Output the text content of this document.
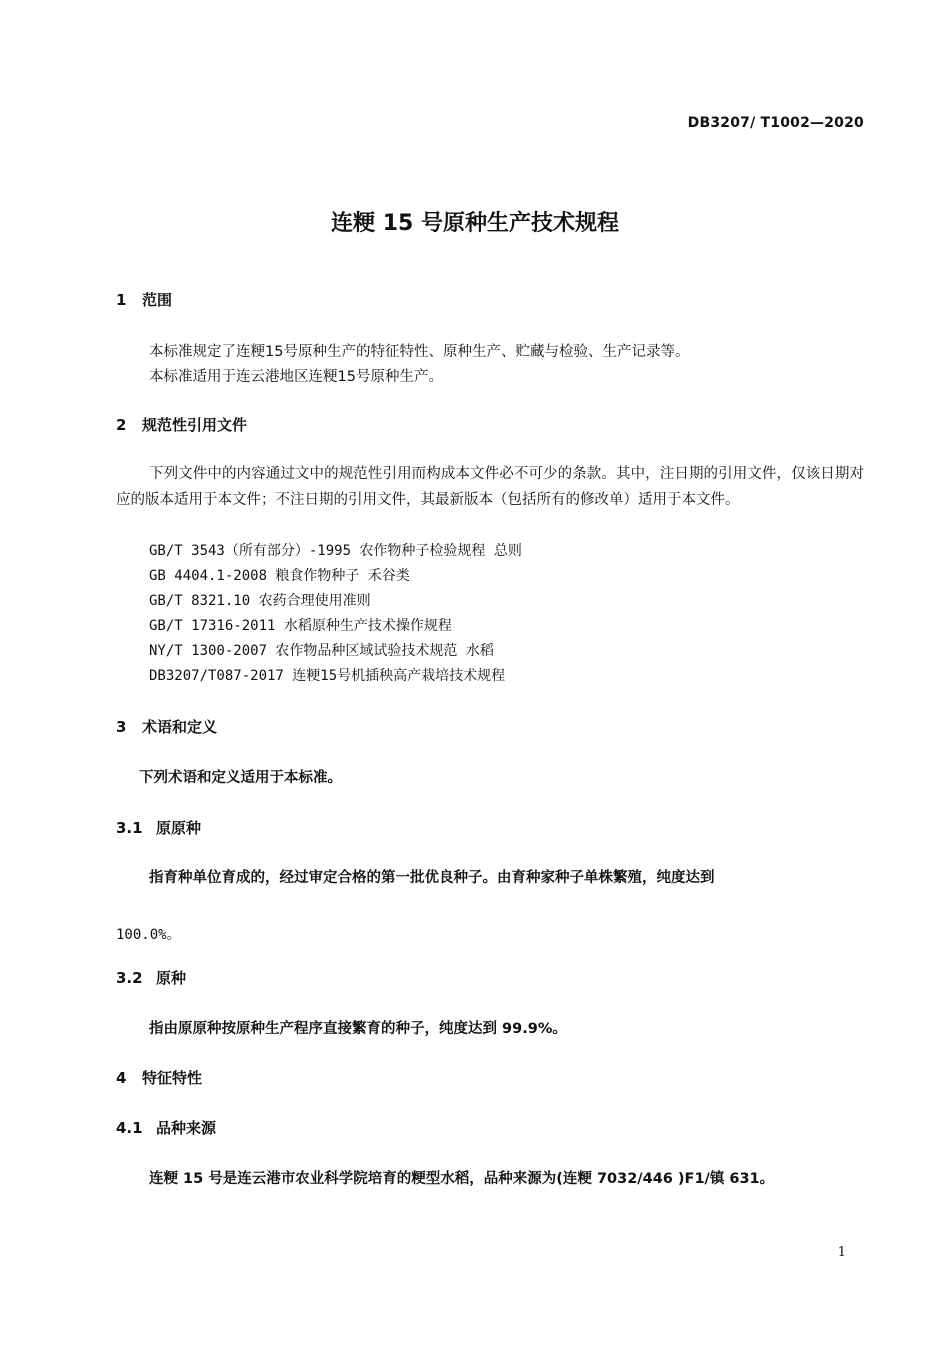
DB3207/ T1002—2020
连粳 15 号原种生产技术规程
1 范围
本标准规定了连粳15号原种生产的特征特性、原种生产、贮藏与检验、生产记录等。
本标准适用于连云港地区连粳15号原种生产。
2 规范性引用文件
下列文件中的内容通过文中的规范性引用而构成本文件必不可少的条款。其中，注日期的引用文件，仅该日期对应的版本适用于本文件；不注日期的引用文件，其最新版本（包括所有的修改单）适用于本文件。
GB/T 3543（所有部分）-1995 农作物种子检验规程 总则
GB 4404.1-2008 粮食作物种子 禾谷类
GB/T 8321.10 农药合理使用准则
GB/T 17316-2011 水稻原种生产技术操作规程
NY/T 1300-2007 农作物品种区域试验技术规范 水稻
DB3207/T087-2017 连粳15号机插秧高产栽培技术规程
3 术语和定义
下列术语和定义适用于本标准。
3.1 原原种
指育种单位育成的，经过审定合格的第一批优良种子。由育种家种子单株繁殖，纯度达到
100.0%。
3.2 原种
指由原原种按原种生产程序直接繁育的种子，纯度达到 99.9%。
4 特征特性
4.1 品种来源
连粳 15 号是连云港市农业科学院培育的粳型水稻，品种来源为(连粳 7032/446 )F1/镇 631。
1
